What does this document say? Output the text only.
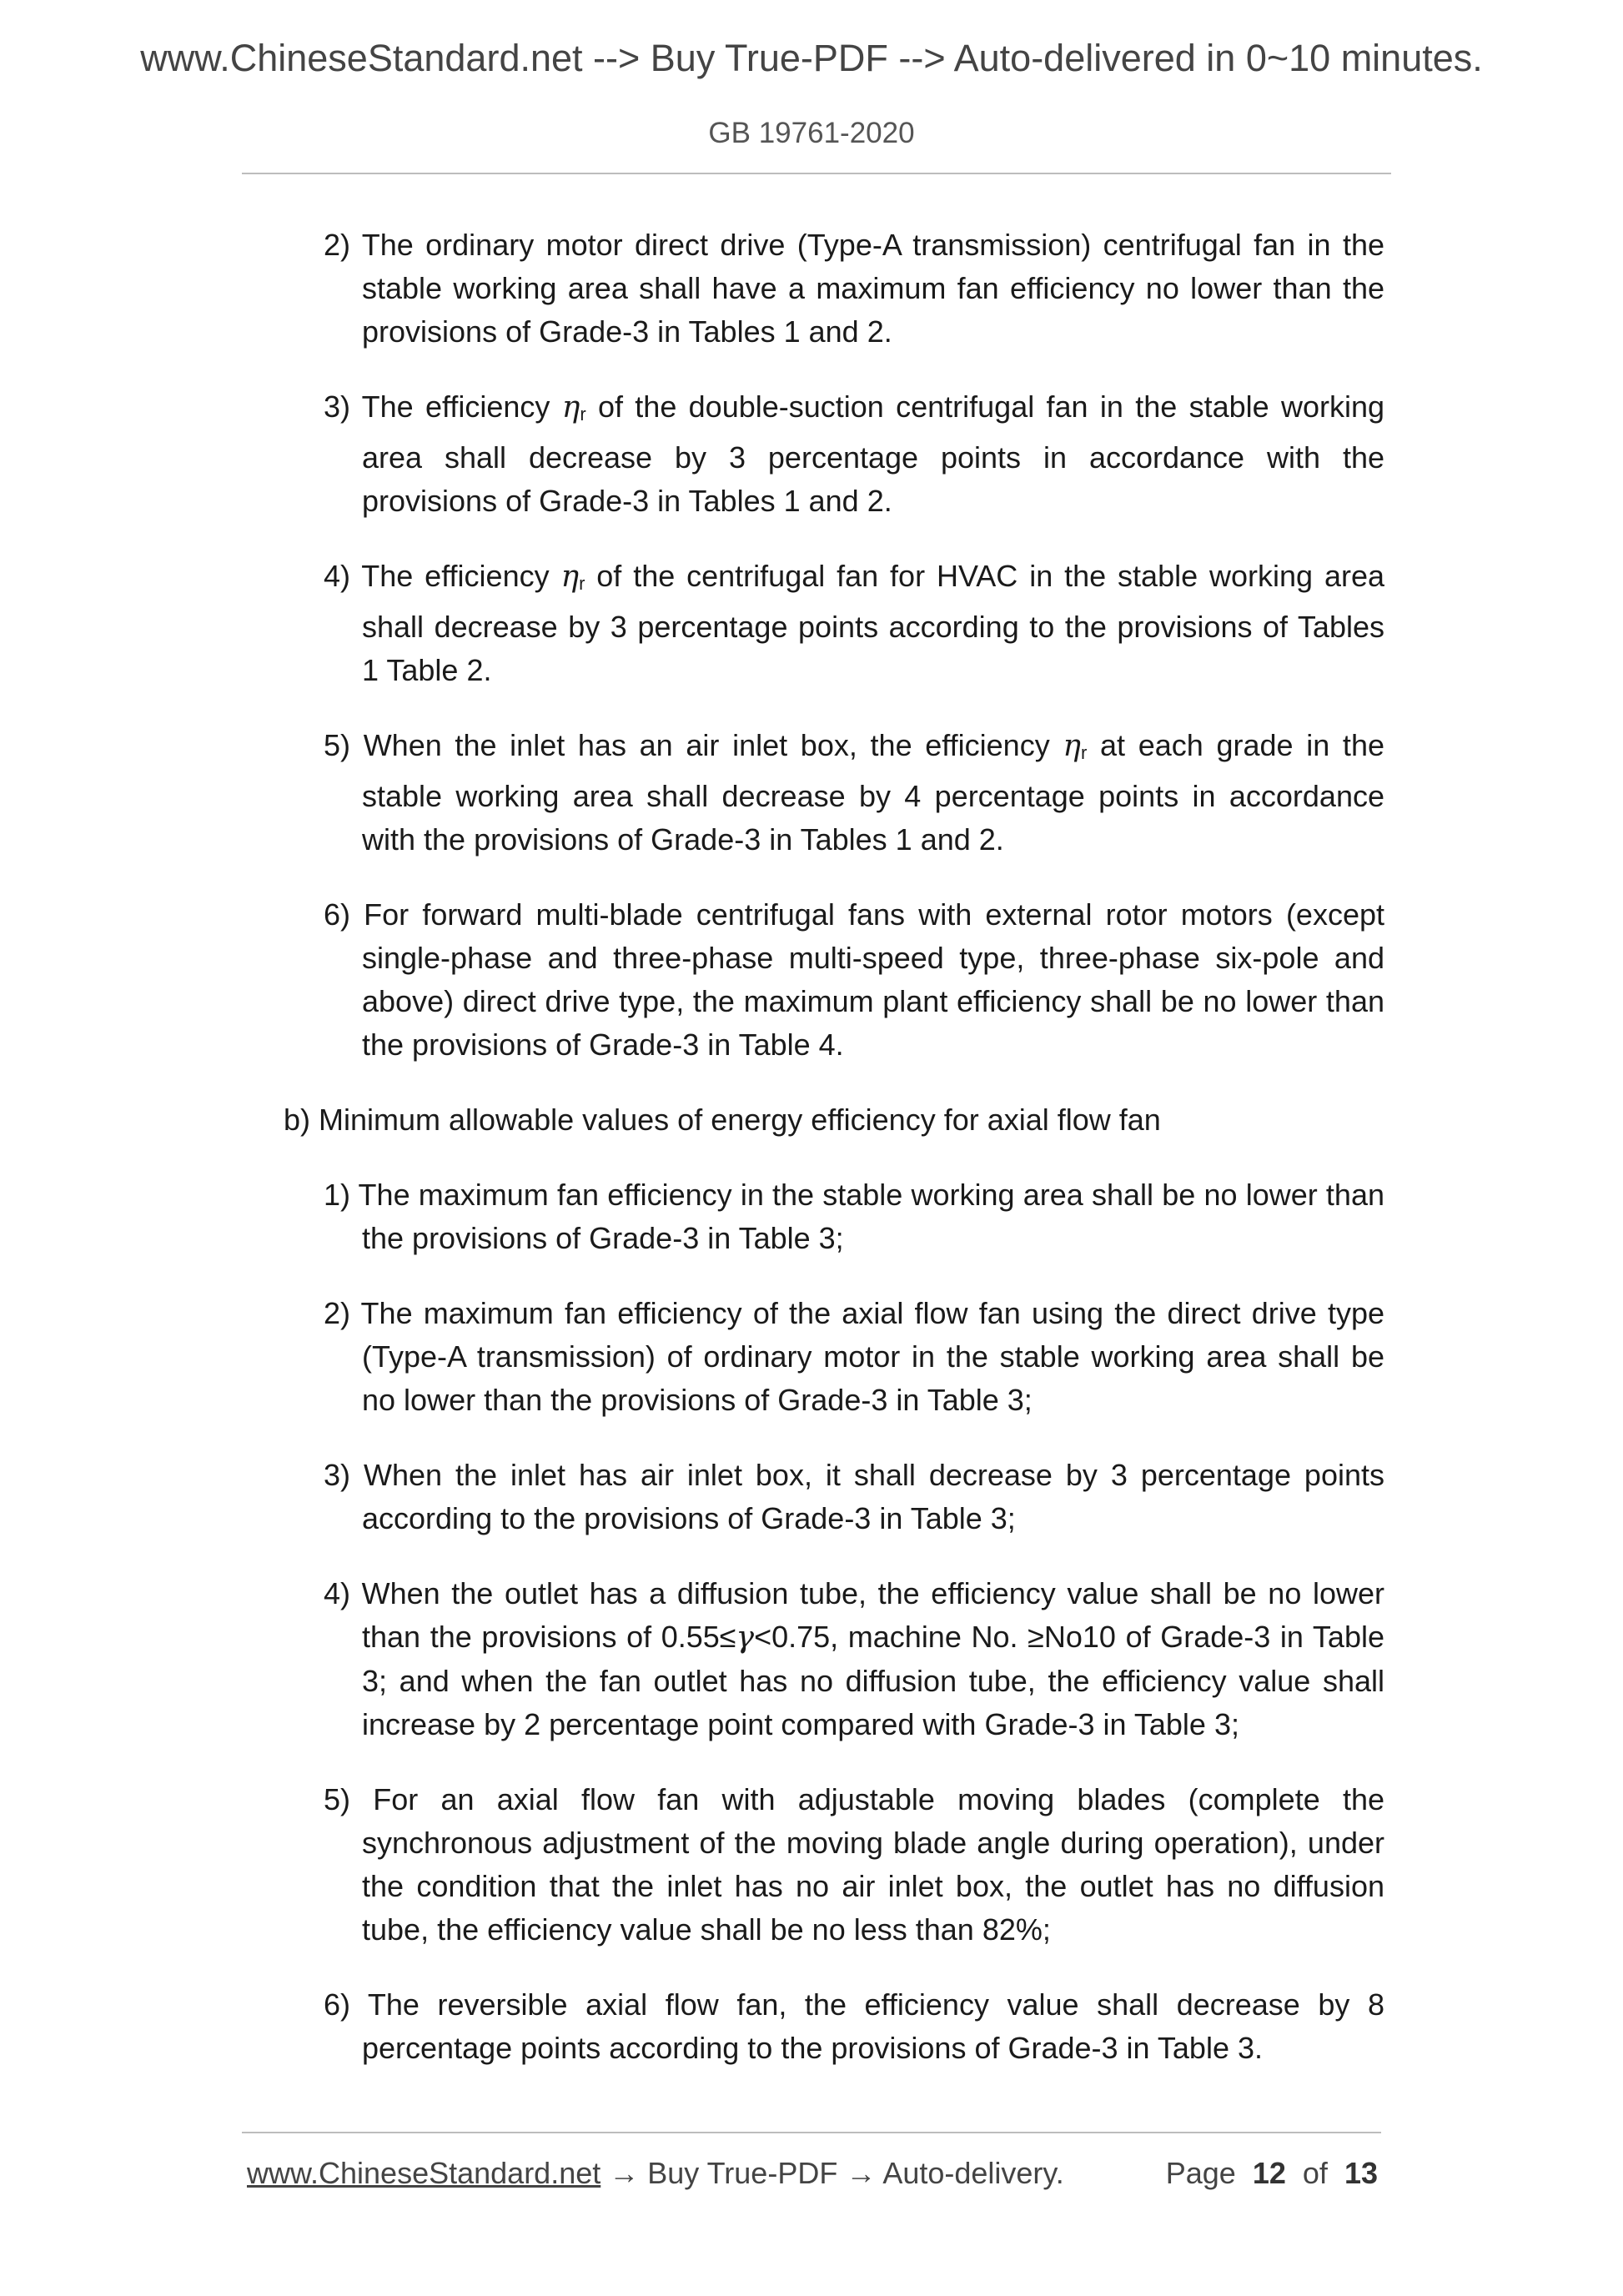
www.ChineseStandard.net --> Buy True-PDF --> Auto-delivered in 0~10 minutes.
GB 19761-2020

2) The ordinary motor direct drive (Type-A transmission) centrifugal fan in the stable working area shall have a maximum fan efficiency no lower than the provisions of Grade-3 in Tables 1 and 2.

3) The efficiency ηr of the double-suction centrifugal fan in the stable working area shall decrease by 3 percentage points in accordance with the provisions of Grade-3 in Tables 1 and 2.

4) The efficiency ηr of the centrifugal fan for HVAC in the stable working area shall decrease by 3 percentage points according to the provisions of Tables 1 Table 2.

5) When the inlet has an air inlet box, the efficiency ηr at each grade in the stable working area shall decrease by 4 percentage points in accordance with the provisions of Grade-3 in Tables 1 and 2.

6) For forward multi-blade centrifugal fans with external rotor motors (except single-phase and three-phase multi-speed type, three-phase six-pole and above) direct drive type, the maximum plant efficiency shall be no lower than the provisions of Grade-3 in Table 4.

b) Minimum allowable values of energy efficiency for axial flow fan

1) The maximum fan efficiency in the stable working area shall be no lower than the provisions of Grade-3 in Table 3;

2) The maximum fan efficiency of the axial flow fan using the direct drive type (Type-A transmission) of ordinary motor in the stable working area shall be no lower than the provisions of Grade-3 in Table 3;

3) When the inlet has air inlet box, it shall decrease by 3 percentage points according to the provisions of Grade-3 in Table 3;

4) When the outlet has a diffusion tube, the efficiency value shall be no lower than the provisions of 0.55≤γ<0.75, machine No. ≥No10 of Grade-3 in Table 3; and when the fan outlet has no diffusion tube, the efficiency value shall increase by 2 percentage point compared with Grade-3 in Table 3;

5) For an axial flow fan with adjustable moving blades (complete the synchronous adjustment of the moving blade angle during operation), under the condition that the inlet has no air inlet box, the outlet has no diffusion tube, the efficiency value shall be no less than 82%;

6) The reversible axial flow fan, the efficiency value shall decrease by 8 percentage points according to the provisions of Grade-3 in Table 3.

www.ChineseStandard.net → Buy True-PDF → Auto-delivery.	Page 12 of 13
